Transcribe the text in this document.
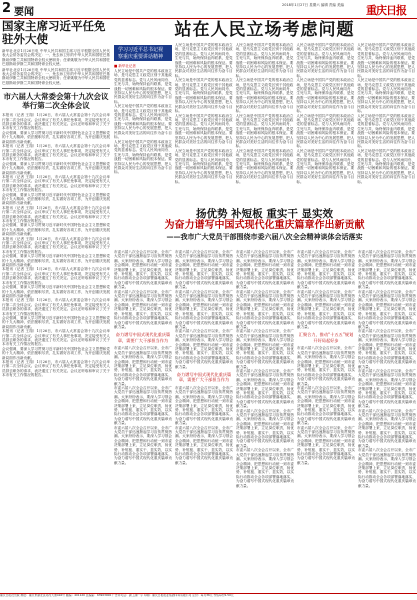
2 要闻
2018年1月27日 星期六 编辑 责编 美编	重庆日报
国家主席习近平任免驻外大使
新华社北京1月26日电 中华人民共和国主席习近平根据全国人民代表大会常务委员会的决定：一、免去孙卫东的中华人民共和国驻巴基斯坦伊斯兰共和国特命全权大使职务；任命姚敬为中华人民共和国驻巴基斯坦伊斯兰共和国特命全权大使。
新华社北京1月26日电 中华人民共和国主席习近平根据全国人民代表大会常务委员会的决定：一、免去孙卫东的中华人民共和国驻巴基斯坦伊斯兰共和国特命全权大使职务；任命姚敬为中华人民共和国驻巴基斯坦伊斯兰共和国特命全权大使。
市六届人大常委会第十九次会议举行第二次全体会议
本报讯（记者 王翔）1月26日，市六届人大常委会第十九次会议举行第二次全体会议。会议审议了有关人事任免事项，决定接受有关人员辞去职务的请求，表决通过了有关决定。会议还听取和审议了关于本市有关工作情况的报告。
会议强调，要深入学习贯彻习近平新时代中国特色社会主义思想和党的十九大精神，依法履职尽责，扎实做好各项工作，为开创重庆发展新局面作出新贡献。
本报讯（记者 王翔）1月26日，市六届人大常委会第十九次会议举行第二次全体会议。会议审议了有关人事任免事项，决定接受有关人员辞去职务的请求，表决通过了有关决定。会议还听取和审议了关于本市有关工作情况的报告。
会议强调，要深入学习贯彻习近平新时代中国特色社会主义思想和党的十九大精神，依法履职尽责，扎实做好各项工作，为开创重庆发展新局面作出新贡献。
本报讯（记者 王翔）1月26日，市六届人大常委会第十九次会议举行第二次全体会议。会议审议了有关人事任免事项，决定接受有关人员辞去职务的请求，表决通过了有关决定。会议还听取和审议了关于本市有关工作情况的报告。
会议强调，要深入学习贯彻习近平新时代中国特色社会主义思想和党的十九大精神，依法履职尽责，扎实做好各项工作，为开创重庆发展新局面作出新贡献。
本报讯（记者 王翔）1月26日，市六届人大常委会第十九次会议举行第二次全体会议。会议审议了有关人事任免事项，决定接受有关人员辞去职务的请求，表决通过了有关决定。会议还听取和审议了关于本市有关工作情况的报告。
会议强调，要深入学习贯彻习近平新时代中国特色社会主义思想和党的十九大精神，依法履职尽责，扎实做好各项工作，为开创重庆发展新局面作出新贡献。
本报讯（记者 王翔）1月26日，市六届人大常委会第十九次会议举行第二次全体会议。会议审议了有关人事任免事项，决定接受有关人员辞去职务的请求，表决通过了有关决定。会议还听取和审议了关于本市有关工作情况的报告。
会议强调，要深入学习贯彻习近平新时代中国特色社会主义思想和党的十九大精神，依法履职尽责，扎实做好各项工作，为开创重庆发展新局面作出新贡献。
本报讯（记者 王翔）1月26日，市六届人大常委会第十九次会议举行第二次全体会议。会议审议了有关人事任免事项，决定接受有关人员辞去职务的请求，表决通过了有关决定。会议还听取和审议了关于本市有关工作情况的报告。
会议强调，要深入学习贯彻习近平新时代中国特色社会主义思想和党的十九大精神，依法履职尽责，扎实做好各项工作，为开创重庆发展新局面作出新贡献。
本报讯（记者 王翔）1月26日，市六届人大常委会第十九次会议举行第二次全体会议。会议审议了有关人事任免事项，决定接受有关人员辞去职务的请求，表决通过了有关决定。会议还听取和审议了关于本市有关工作情况的报告。
会议强调，要深入学习贯彻习近平新时代中国特色社会主义思想和党的十九大精神，依法履职尽责，扎实做好各项工作，为开创重庆发展新局面作出新贡献。
本报讯（记者 王翔）1月26日，市六届人大常委会第十九次会议举行第二次全体会议。会议审议了有关人事任免事项，决定接受有关人员辞去职务的请求，表决通过了有关决定。会议还听取和审议了关于本市有关工作情况的报告。
会议强调，要深入学习贯彻习近平新时代中国特色社会主义思想和党的十九大精神，依法履职尽责，扎实做好各项工作，为开创重庆发展新局面作出新贡献。
本报讯（记者 王翔）1月26日，市六届人大常委会第十九次会议举行第二次全体会议。会议审议了有关人事任免事项，决定接受有关人员辞去职务的请求，表决通过了有关决定。会议还听取和审议了关于本市有关工作情况的报告。
站在人民立场考虑问题
学习习近平总书记视察重庆重要讲话精神
■ 新华社记者
人民立场是中国共产党的根本政治立场，是马克思主义政党区别于其他政党的显著标志。党与人民风雨同舟、生死与共，始终保持血肉联系，是党战胜一切困难和风险的根本保证。要坚持以人民为中心的发展思想，把人民群众对美好生活的向往作为奋斗目标。
人民立场是中国共产党的根本政治立场，是马克思主义政党区别于其他政党的显著标志。党与人民风雨同舟、生死与共，始终保持血肉联系，是党战胜一切困难和风险的根本保证。要坚持以人民为中心的发展思想，把人民群众对美好生活的向往作为奋斗目标。
人民立场是中国共产党的根本政治立场，是马克思主义政党区别于其他政党的显著标志。党与人民风雨同舟、生死与共，始终保持血肉联系，是党战胜一切困难和风险的根本保证。要坚持以人民为中心的发展思想，把人民群众对美好生活的向往作为奋斗目标。
人民立场是中国共产党的根本政治立场，是马克思主义政党区别于其他政党的显著标志。党与人民风雨同舟、生死与共，始终保持血肉联系，是党战胜一切困难和风险的根本保证。要坚持以人民为中心的发展思想，把人民群众对美好生活的向往作为奋斗目标。
人民立场是中国共产党的根本政治立场，是马克思主义政党区别于其他政党的显著标志。党与人民风雨同舟、生死与共，始终保持血肉联系，是党战胜一切困难和风险的根本保证。要坚持以人民为中心的发展思想，把人民群众对美好生活的向往作为奋斗目标。
人民立场是中国共产党的根本政治立场，是马克思主义政党区别于其他政党的显著标志。党与人民风雨同舟、生死与共，始终保持血肉联系，是党战胜一切困难和风险的根本保证。要坚持以人民为中心的发展思想，把人民群众对美好生活的向往作为奋斗目标。
人民立场是中国共产党的根本政治立场，是马克思主义政党区别于其他政党的显著标志。党与人民风雨同舟、生死与共，始终保持血肉联系，是党战胜一切困难和风险的根本保证。要坚持以人民为中心的发展思想，把人民群众对美好生活的向往作为奋斗目标。
人民立场是中国共产党的根本政治立场，是马克思主义政党区别于其他政党的显著标志。党与人民风雨同舟、生死与共，始终保持血肉联系，是党战胜一切困难和风险的根本保证。要坚持以人民为中心的发展思想，把人民群众对美好生活的向往作为奋斗目标。
人民立场是中国共产党的根本政治立场，是马克思主义政党区别于其他政党的显著标志。党与人民风雨同舟、生死与共，始终保持血肉联系，是党战胜一切困难和风险的根本保证。要坚持以人民为中心的发展思想，把人民群众对美好生活的向往作为奋斗目标。
人民立场是中国共产党的根本政治立场，是马克思主义政党区别于其他政党的显著标志。党与人民风雨同舟、生死与共，始终保持血肉联系，是党战胜一切困难和风险的根本保证。要坚持以人民为中心的发展思想，把人民群众对美好生活的向往作为奋斗目标。
人民立场是中国共产党的根本政治立场，是马克思主义政党区别于其他政党的显著标志。党与人民风雨同舟、生死与共，始终保持血肉联系，是党战胜一切困难和风险的根本保证。要坚持以人民为中心的发展思想，把人民群众对美好生活的向往作为奋斗目标。
人民立场是中国共产党的根本政治立场，是马克思主义政党区别于其他政党的显著标志。党与人民风雨同舟、生死与共，始终保持血肉联系，是党战胜一切困难和风险的根本保证。要坚持以人民为中心的发展思想，把人民群众对美好生活的向往作为奋斗目标。
人民立场是中国共产党的根本政治立场，是马克思主义政党区别于其他政党的显著标志。党与人民风雨同舟、生死与共，始终保持血肉联系，是党战胜一切困难和风险的根本保证。要坚持以人民为中心的发展思想，把人民群众对美好生活的向往作为奋斗目标。
人民立场是中国共产党的根本政治立场，是马克思主义政党区别于其他政党的显著标志。党与人民风雨同舟、生死与共，始终保持血肉联系，是党战胜一切困难和风险的根本保证。要坚持以人民为中心的发展思想，把人民群众对美好生活的向往作为奋斗目标。
人民立场是中国共产党的根本政治立场，是马克思主义政党区别于其他政党的显著标志。党与人民风雨同舟、生死与共，始终保持血肉联系，是党战胜一切困难和风险的根本保证。要坚持以人民为中心的发展思想，把人民群众对美好生活的向往作为奋斗目标。
人民立场是中国共产党的根本政治立场，是马克思主义政党区别于其他政党的显著标志。党与人民风雨同舟、生死与共，始终保持血肉联系，是党战胜一切困难和风险的根本保证。要坚持以人民为中心的发展思想，把人民群众对美好生活的向往作为奋斗目标。
人民立场是中国共产党的根本政治立场，是马克思主义政党区别于其他政党的显著标志。党与人民风雨同舟、生死与共，始终保持血肉联系，是党战胜一切困难和风险的根本保证。要坚持以人民为中心的发展思想，把人民群众对美好生活的向往作为奋斗目标。
人民立场是中国共产党的根本政治立场，是马克思主义政党区别于其他政党的显著标志。党与人民风雨同舟、生死与共，始终保持血肉联系，是党战胜一切困难和风险的根本保证。要坚持以人民为中心的发展思想，把人民群众对美好生活的向往作为奋斗目标。
人民立场是中国共产党的根本政治立场，是马克思主义政党区别于其他政党的显著标志。党与人民风雨同舟、生死与共，始终保持血肉联系，是党战胜一切困难和风险的根本保证。要坚持以人民为中心的发展思想，把人民群众对美好生活的向往作为奋斗目标。
扬优势 补短板 重实干 显实效
为奋力谱写中国式现代化重庆篇章作出新贡献
——我市广大党员干部围绕市委六届八次全会精神谈体会话落实
市委六届八次全会召开以来，全市广大党员干部迅速掀起学习宣传贯彻热潮。大家纷纷表示，要深入学习领会全会精神，把思想和行动统一到市委决策部署上来，立足岗位职责，扬优势、补短板、重实干、显实效，以实际行动推动全会各项部署落地落实，为奋力谱写中国式现代化重庆篇章贡献力量。
市委六届八次全会召开以来，全市广大党员干部迅速掀起学习宣传贯彻热潮。大家纷纷表示，要深入学习领会全会精神，把思想和行动统一到市委决策部署上来，立足岗位职责，扬优势、补短板、重实干、显实效，以实际行动推动全会各项部署落地落实，为奋力谱写中国式现代化重庆篇章贡献力量。
奋力谱写中国式现代化重庆篇章，需要广大干部担当作为
市委六届八次全会召开以来，全市广大党员干部迅速掀起学习宣传贯彻热潮。大家纷纷表示，要深入学习领会全会精神，把思想和行动统一到市委决策部署上来，立足岗位职责，扬优势、补短板、重实干、显实效，以实际行动推动全会各项部署落地落实，为奋力谱写中国式现代化重庆篇章贡献力量。
市委六届八次全会召开以来，全市广大党员干部迅速掀起学习宣传贯彻热潮。大家纷纷表示，要深入学习领会全会精神，把思想和行动统一到市委决策部署上来，立足岗位职责，扬优势、补短板、重实干、显实效，以实际行动推动全会各项部署落地落实，为奋力谱写中国式现代化重庆篇章贡献力量。
市委六届八次全会召开以来，全市广大党员干部迅速掀起学习宣传贯彻热潮。大家纷纷表示，要深入学习领会全会精神，把思想和行动统一到市委决策部署上来，立足岗位职责，扬优势、补短板、重实干、显实效，以实际行动推动全会各项部署落地落实，为奋力谱写中国式现代化重庆篇章贡献力量。
市委六届八次全会召开以来，全市广大党员干部迅速掀起学习宣传贯彻热潮。大家纷纷表示，要深入学习领会全会精神，把思想和行动统一到市委决策部署上来，立足岗位职责，扬优势、补短板、重实干、显实效，以实际行动推动全会各项部署落地落实，为奋力谱写中国式现代化重庆篇章贡献力量。
市委六届八次全会召开以来，全市广大党员干部迅速掀起学习宣传贯彻热潮。大家纷纷表示，要深入学习领会全会精神，把思想和行动统一到市委决策部署上来，立足岗位职责，扬优势、补短板、重实干、显实效，以实际行动推动全会各项部署落地落实，为奋力谱写中国式现代化重庆篇章贡献力量。
市委六届八次全会召开以来，全市广大党员干部迅速掀起学习宣传贯彻热潮。大家纷纷表示，要深入学习领会全会精神，把思想和行动统一到市委决策部署上来，立足岗位职责，扬优势、补短板、重实干、显实效，以实际行动推动全会各项部署落地落实，为奋力谱写中国式现代化重庆篇章贡献力量。
奋力谱写中国式现代化重庆篇章，需要广大干部担当作为
市委六届八次全会召开以来，全市广大党员干部迅速掀起学习宣传贯彻热潮。大家纷纷表示，要深入学习领会全会精神，把思想和行动统一到市委决策部署上来，立足岗位职责，扬优势、补短板、重实干、显实效，以实际行动推动全会各项部署落地落实，为奋力谱写中国式现代化重庆篇章贡献力量。
市委六届八次全会召开以来，全市广大党员干部迅速掀起学习宣传贯彻热潮。大家纷纷表示，要深入学习领会全会精神，把思想和行动统一到市委决策部署上来，立足岗位职责，扬优势、补短板、重实干、显实效，以实际行动推动全会各项部署落地落实，为奋力谱写中国式现代化重庆篇章贡献力量。
市委六届八次全会召开以来，全市广大党员干部迅速掀起学习宣传贯彻热潮。大家纷纷表示，要深入学习领会全会精神，把思想和行动统一到市委决策部署上来，立足岗位职责，扬优势、补短板、重实干、显实效，以实际行动推动全会各项部署落地落实，为奋力谱写中国式现代化重庆篇章贡献力量。
市委六届八次全会召开以来，全市广大党员干部迅速掀起学习宣传贯彻热潮。大家纷纷表示，要深入学习领会全会精神，把思想和行动统一到市委决策部署上来，立足岗位职责，扬优势、补短板、重实干、显实效，以实际行动推动全会各项部署落地落实，为奋力谱写中国式现代化重庆篇章贡献力量。
市委六届八次全会召开以来，全市广大党员干部迅速掀起学习宣传贯彻热潮。大家纷纷表示，要深入学习领会全会精神，把思想和行动统一到市委决策部署上来，立足岗位职责，扬优势、补短板、重实干、显实效，以实际行动推动全会各项部署落地落实，为奋力谱写中国式现代化重庆篇章贡献力量。
市委六届八次全会召开以来，全市广大党员干部迅速掀起学习宣传贯彻热潮。大家纷纷表示，要深入学习领会全会精神，把思想和行动统一到市委决策部署上来，立足岗位职责，扬优势、补短板、重实干、显实效，以实际行动推动全会各项部署落地落实，为奋力谱写中国式现代化重庆篇章贡献力量。
市委六届八次全会召开以来，全市广大党员干部迅速掀起学习宣传贯彻热潮。大家纷纷表示，要深入学习领会全会精神，把思想和行动统一到市委决策部署上来，立足岗位职责，扬优势、补短板、重实干、显实效，以实际行动推动全会各项部署落地落实，为奋力谱写中国式现代化重庆篇章贡献力量。
市委六届八次全会召开以来，全市广大党员干部迅速掀起学习宣传贯彻热潮。大家纷纷表示，要深入学习领会全会精神，把思想和行动统一到市委决策部署上来，立足岗位职责，扬优势、补短板、重实干、显实效，以实际行动推动全会各项部署落地落实，为奋力谱写中国式现代化重庆篇章贡献力量。
市委六届八次全会召开以来，全市广大党员干部迅速掀起学习宣传贯彻热潮。大家纷纷表示，要深入学习领会全会精神，把思想和行动统一到市委决策部署上来，立足岗位职责，扬优势、补短板、重实干、显实效，以实际行动推动全会各项部署落地落实，为奋力谱写中国式现代化重庆篇章贡献力量。
市委六届八次全会召开以来，全市广大党员干部迅速掀起学习宣传贯彻热潮。大家纷纷表示，要深入学习领会全会精神，把思想和行动统一到市委决策部署上来，立足岗位职责，扬优势、补短板、重实干、显实效，以实际行动推动全会各项部署落地落实，为奋力谱写中国式现代化重庆篇章贡献力量。
汇聚合力，推动“十五五”规划开好局起好步
市委六届八次全会召开以来，全市广大党员干部迅速掀起学习宣传贯彻热潮。大家纷纷表示，要深入学习领会全会精神，把思想和行动统一到市委决策部署上来，立足岗位职责，扬优势、补短板、重实干、显实效，以实际行动推动全会各项部署落地落实，为奋力谱写中国式现代化重庆篇章贡献力量。
市委六届八次全会召开以来，全市广大党员干部迅速掀起学习宣传贯彻热潮。大家纷纷表示，要深入学习领会全会精神，把思想和行动统一到市委决策部署上来，立足岗位职责，扬优势、补短板、重实干、显实效，以实际行动推动全会各项部署落地落实，为奋力谱写中国式现代化重庆篇章贡献力量。
市委六届八次全会召开以来，全市广大党员干部迅速掀起学习宣传贯彻热潮。大家纷纷表示，要深入学习领会全会精神，把思想和行动统一到市委决策部署上来，立足岗位职责，扬优势、补短板、重实干、显实效，以实际行动推动全会各项部署落地落实，为奋力谱写中国式现代化重庆篇章贡献力量。
市委六届八次全会召开以来，全市广大党员干部迅速掀起学习宣传贯彻热潮。大家纷纷表示，要深入学习领会全会精神，把思想和行动统一到市委决策部署上来，立足岗位职责，扬优势、补短板、重实干、显实效，以实际行动推动全会各项部署落地落实，为奋力谱写中国式现代化重庆篇章贡献力量。
市委六届八次全会召开以来，全市广大党员干部迅速掀起学习宣传贯彻热潮。大家纷纷表示，要深入学习领会全会精神，把思想和行动统一到市委决策部署上来，立足岗位职责，扬优势、补短板、重实干、显实效，以实际行动推动全会各项部署落地落实，为奋力谱写中国式现代化重庆篇章贡献力量。
市委六届八次全会召开以来，全市广大党员干部迅速掀起学习宣传贯彻热潮。大家纷纷表示，要深入学习领会全会精神，把思想和行动统一到市委决策部署上来，立足岗位职责，扬优势、补短板、重实干、显实效，以实际行动推动全会各项部署落地落实，为奋力谱写中国式现代化重庆篇章贡献力量。
市委六届八次全会召开以来，全市广大党员干部迅速掀起学习宣传贯彻热潮。大家纷纷表示，要深入学习领会全会精神，把思想和行动统一到市委决策部署上来，立足岗位职责，扬优势、补短板、重实干、显实效，以实际行动推动全会各项部署落地落实，为奋力谱写中国式现代化重庆篇章贡献力量。
市委六届八次全会召开以来，全市广大党员干部迅速掀起学习宣传贯彻热潮。大家纷纷表示，要深入学习领会全会精神，把思想和行动统一到市委决策部署上来，立足岗位职责，扬优势、补短板、重实干、显实效，以实际行动推动全会各项部署落地落实，为奋力谱写中国式现代化重庆篇章贡献力量。
市委六届八次全会召开以来，全市广大党员干部迅速掀起学习宣传贯彻热潮。大家纷纷表示，要深入学习领会全会精神，把思想和行动统一到市委决策部署上来，立足岗位职责，扬优势、补短板、重实干、显实效，以实际行动推动全会各项部署落地落实，为奋力谱写中国式现代化重庆篇章贡献力量。
重庆日报社出版 地址：重庆市渝北区同茂大道416号 邮编：401120 总编室：63903000 广告许可证：渝工商广字 印刷：重庆日报报业集团印务有限公司 定价：每月36元 零售每份1.50元
